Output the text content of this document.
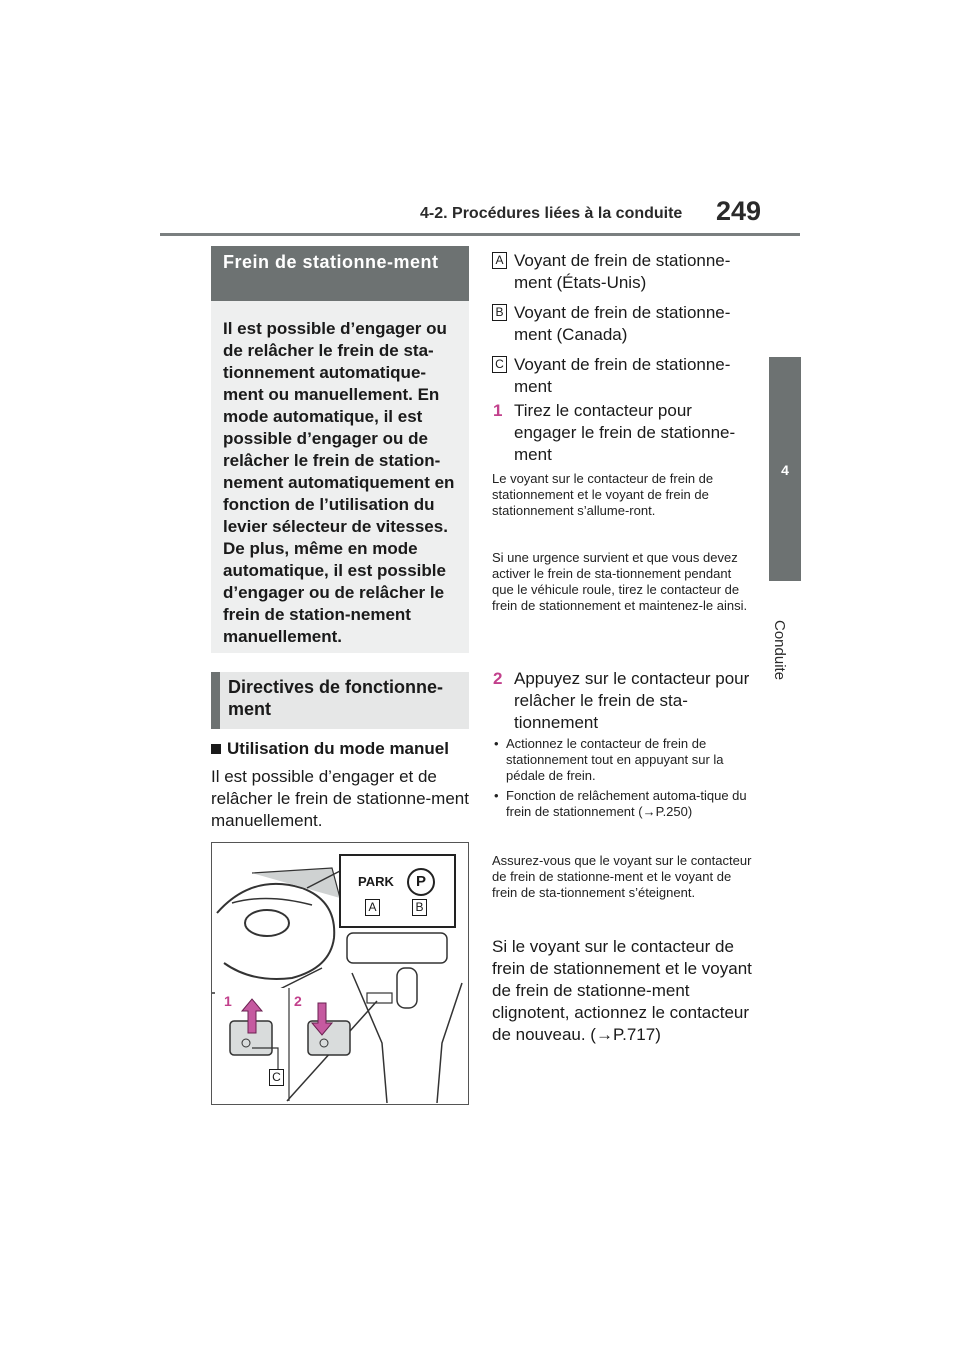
4-2. Procédures liées à la conduite 249
4
Conduite
Frein de stationne-ment
Il est possible d’engager ou de relâcher le frein de sta-tionnement automatique-ment ou manuellement. En mode automatique, il est possible d’engager ou de relâcher le frein de station-nement automatiquement en fonction de l’utilisation du levier sélecteur de vitesses. De plus, même en mode automatique, il est possible d’engager ou de relâcher le frein de station-nement manuellement.
Directives de fonctionne-ment
Utilisation du mode manuel
Il est possible d’engager et de relâcher le frein de stationne-ment manuellement.
PARK	P
A	B
C
1	2
A Voyant de frein de stationne-ment (États-Unis)
B Voyant de frein de stationne-ment (Canada)
C Voyant de frein de stationne-ment
1 Tirez le contacteur pour engager le frein de stationne-ment
Le voyant sur le contacteur de frein de stationnement et le voyant de frein de stationnement s’allume-ront.
Si une urgence survient et que vous devez activer le frein de sta-tionnement pendant que le véhicule roule, tirez le contacteur de frein de stationnement et maintenez-le ainsi.
2 Appuyez sur le contacteur pour relâcher le frein de sta-tionnement
• Actionnez le contacteur de frein de stationnement tout en appuyant sur la pédale de frein.
• Fonction de relâchement automa-tique du frein de stationnement (→P.250)
Assurez-vous que le voyant sur le contacteur de frein de stationne-ment et le voyant de frein de sta-tionnement s’éteignent.
Si le voyant sur le contacteur de frein de stationnement et le voyant de frein de stationne-ment clignotent, actionnez le contacteur de nouveau. (→P.717)
